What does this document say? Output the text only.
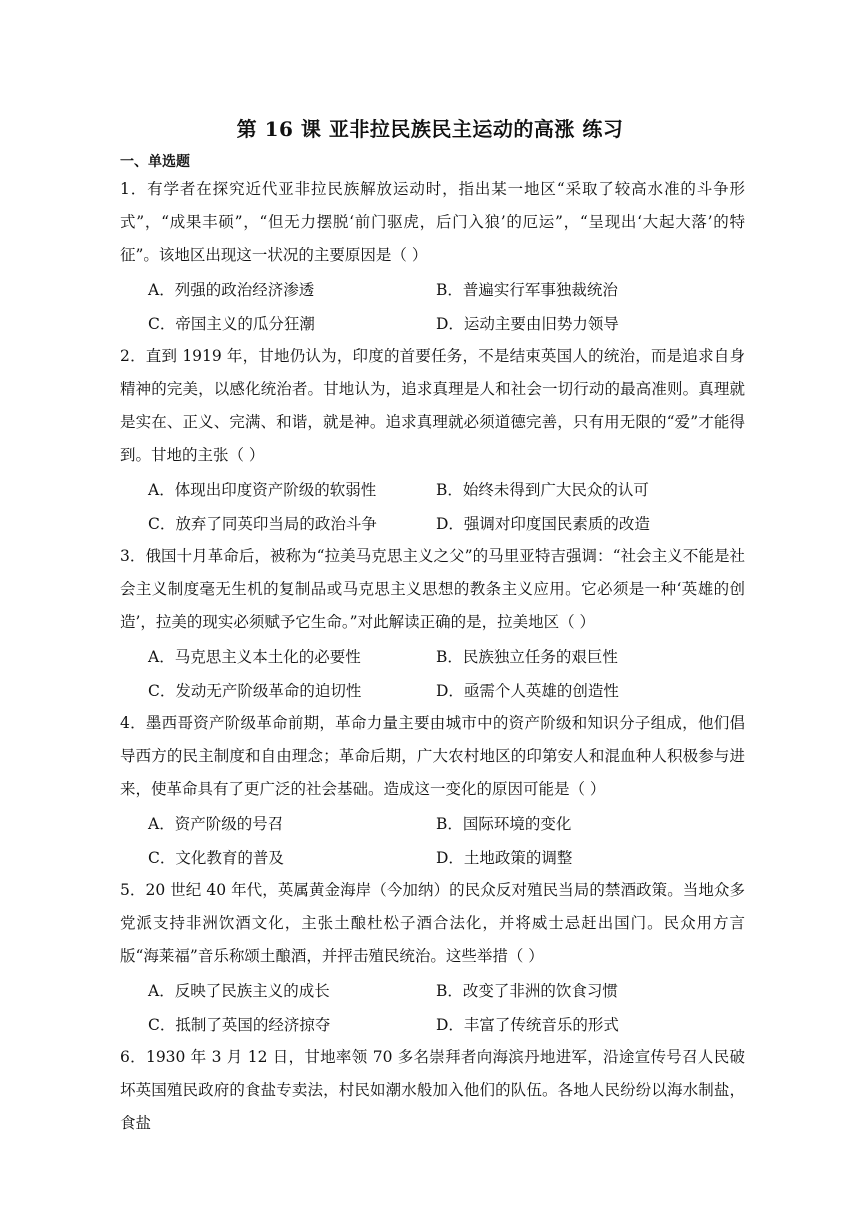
第 16 课 亚非拉民族民主运动的高涨 练习
一、单选题

1．有学者在探究近代亚非拉民族解放运动时，指出某一地区“采取了较高水准的斗争形式”，“成果丰硕”，“但无力摆脱‘前门驱虎，后门入狼’的厄运”，“呈现出‘大起大落’的特征”。该地区出现这一状况的主要原因是（ ）

A．列强的政治经济渗透	B．普遍实行军事独裁统治
C．帝国主义的瓜分狂潮	D．运动主要由旧势力领导

2．直到 1919 年，甘地仍认为，印度的首要任务，不是结束英国人的统治，而是追求自身精神的完美，以感化统治者。甘地认为，追求真理是人和社会一切行动的最高准则。真理就是实在、正义、完满、和谐，就是神。追求真理就必须道德完善，只有用无限的“爱”才能得到。甘地的主张（ ）

A．体现出印度资产阶级的软弱性	B．始终未得到广大民众的认可
C．放弃了同英印当局的政治斗争	D．强调对印度国民素质的改造

3．俄国十月革命后，被称为“拉美马克思主义之父”的马里亚特吉强调：“社会主义不能是社会主义制度毫无生机的复制品或马克思主义思想的教条主义应用。它必须是一种‘英雄的创造’，拉美的现实必须赋予它生命。”对此解读正确的是，拉美地区（ ）

A．马克思主义本土化的必要性	B．民族独立任务的艰巨性
C．发动无产阶级革命的迫切性	D．亟需个人英雄的创造性

4．墨西哥资产阶级革命前期，革命力量主要由城市中的资产阶级和知识分子组成，他们倡导西方的民主制度和自由理念；革命后期，广大农村地区的印第安人和混血种人积极参与进来，使革命具有了更广泛的社会基础。造成这一变化的原因可能是（ ）

A．资产阶级的号召	B．国际环境的变化
C．文化教育的普及	D．土地政策的调整

5．20 世纪 40 年代，英属黄金海岸（今加纳）的民众反对殖民当局的禁酒政策。当地众多党派支持非洲饮酒文化，主张土酿杜松子酒合法化，并将威士忌赶出国门。民众用方言版“海莱福”音乐称颂土酿酒，并抨击殖民统治。这些举措（ ）

A．反映了民族主义的成长	B．改变了非洲的饮食习惯
C．抵制了英国的经济掠夺	D．丰富了传统音乐的形式

6．1930 年 3 月 12 日，甘地率领 70 多名崇拜者向海滨丹地进军，沿途宣传号召人民破坏英国殖民政府的食盐专卖法，村民如潮水般加入他们的队伍。各地人民纷纷以海水制盐，食盐
